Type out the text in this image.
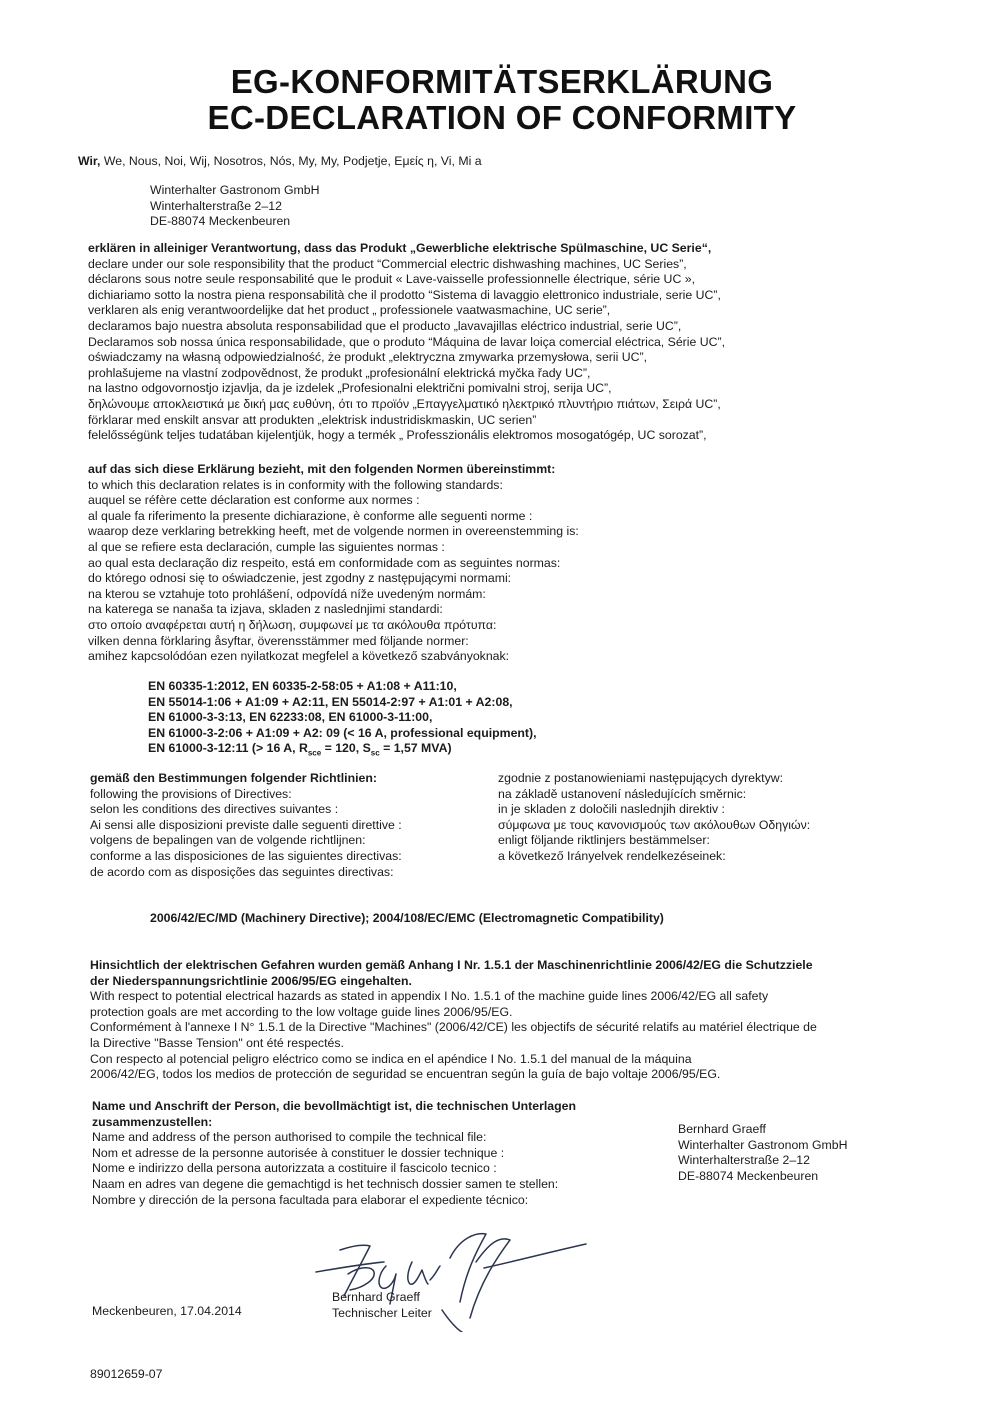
EG-KONFORMITÄTSERKLÄRUNG
EC-DECLARATION OF CONFORMITY
Wir, We, Nous, Noi, Wij, Nosotros, Nós, My, My, Podjetje, Εμείς η, Vi, Mi a
Winterhalter Gastronom GmbH
Winterhalterstraße 2–12
DE-88074 Meckenbeuren
erklären in alleiniger Verantwortung, dass das Produkt „Gewerbliche elektrische Spülmaschine, UC Serie“,
declare under our sole responsibility that the product “Commercial electric dishwashing machines, UC Series”,
déclarons sous notre seule responsabilité que le produit « Lave-vaisselle professionnelle électrique, série UC »,
dichiariamo sotto la nostra piena responsabilità che il prodotto “Sistema di lavaggio elettronico industriale, serie UC”,
verklaren als enig verantwoordelijke dat het product „ professionele vaatwasmachine, UC serie”,
declaramos bajo nuestra absoluta responsabilidad que el producto „lavavajillas eléctrico industrial, serie UC”,
Declaramos sob nossa única responsabilidade, que o produto “Máquina de lavar loiça comercial eléctrica, Série UC”,
oświadczamy na własną odpowiedzialność, że produkt „elektryczna zmywarka przemysłowa, serii UC”,
prohlašujeme na vlastní zodpovědnost, že produkt „profesionální elektrická myčka řady UC”,
na lastno odgovornostjo izjavlja, da je izdelek „Profesionalni električni pomivalni stroj, serija UC”,
δηλώνουμε αποκλειστικά με δική μας ευθύνη, ότι το προϊόν „Επαγγελματικό ηλεκτρικό πλυντήριο πιάτων, Σειρά UC”,
förklarar med enskilt ansvar att produkten „elektrisk industridiskmaskin, UC serien”
felelősségünk teljes tudatában kijelentjük, hogy a termék „ Professzionális elektromos mosogatógép, UC sorozat”,
auf das sich diese Erklärung bezieht, mit den folgenden Normen übereinstimmt:
to which this declaration relates is in conformity with the following standards:
auquel se réfère cette déclaration est conforme aux normes :
al quale fa riferimento la presente dichiarazione, è conforme alle seguenti norme :
waarop deze verklaring betrekking heeft, met de volgende normen in overeenstemming is:
al que se refiere esta declaración, cumple las siguientes normas :
ao qual esta declaração diz respeito, está em conformidade com as seguintes normas:
do którego odnosi się to oświadczenie, jest zgodny z następującymi normami:
na kterou se vztahuje toto prohlášení, odpovídá níže uvedeným normám:
na katerega se nanaša ta izjava, skladen z naslednjimi standardi:
στο οποίο αναφέρεται αυτή η δήλωση, συμφωνεί με τα ακόλουθα πρότυπα:
vilken denna förklaring åsyftar, överensstämmer med följande normer:
amihez kapcsolódóan ezen nyilatkozat megfelel a következő szabványoknak:
EN 60335-1:2012, EN 60335-2-58:05 + A1:08 + A11:10,
EN 55014-1:06 + A1:09 + A2:11, EN 55014-2:97 + A1:01 + A2:08,
EN 61000-3-3:13, EN 62233:08, EN 61000-3-11:00,
EN 61000-3-2:06 + A1:09 + A2: 09 (< 16 A, professional equipment),
EN 61000-3-12:11 (> 16 A, $R_{sce} = 120$, $S_{sc} = 1,57$ MVA)
gemäß den Bestimmungen folgender Richtlinien:
following the provisions of Directives:
selon les conditions des directives suivantes :
Ai sensi alle disposizioni previste dalle seguenti direttive :
volgens de bepalingen van de volgende richtlijnen:
conforme a las disposiciones de las siguientes directivas:
de acordo com as disposições das seguintes directivas:
zgodnie z postanowieniami następujących dyrektyw:
na základě ustanovení následujících směrnic:
in je skladen z določili naslednjih direktiv :
σύμφωνα με τους κανονισμούς των ακόλουθων Οδηγιών:
enligt följande riktlinjers bestämmelser:
a következő Irányelvek rendelkezéseinek:
2006/42/EC/MD (Machinery Directive); 2004/108/EC/EMC (Electromagnetic Compatibility)
Hinsichtlich der elektrischen Gefahren wurden gemäß Anhang I Nr. 1.5.1 der Maschinenrichtlinie 2006/42/EG die Schutzziele
der Niederspannungsrichtlinie 2006/95/EG eingehalten.
With respect to potential electrical hazards as stated in appendix I No. 1.5.1 of the machine guide lines 2006/42/EG all safety
protection goals are met according to the low voltage guide lines 2006/95/EG.
Conformément à l'annexe I N° 1.5.1 de la Directive "Machines" (2006/42/CE) les objectifs de sécurité relatifs au matériel électrique de
la Directive "Basse Tension" ont été respectés.
Con respecto al potencial peligro eléctrico como se indica en el apéndice I No. 1.5.1 del manual de la máquina
2006/42/EG, todos los medios de protección de seguridad se encuentran según la guía de bajo voltaje 2006/95/EG.
Name und Anschrift der Person, die bevollmächtigt ist, die technischen Unterlagen
zusammenzustellen:
Name and address of the person authorised to compile the technical file:
Nom et adresse de la personne autorisée à constituer le dossier technique :
Nome e indirizzo della persona autorizzata a costituire il fascicolo tecnico :
Naam en adres van degene die gemachtigd is het technisch dossier samen te stellen:
Nombre y dirección de la persona facultada para elaborar el expediente técnico:
Bernhard Graeff
Winterhalter Gastronom GmbH
Winterhalterstraße 2–12
DE-88074 Meckenbeuren
Bernhard Graeff
Technischer Leiter
Meckenbeuren, 17.04.2014
89012659-07
